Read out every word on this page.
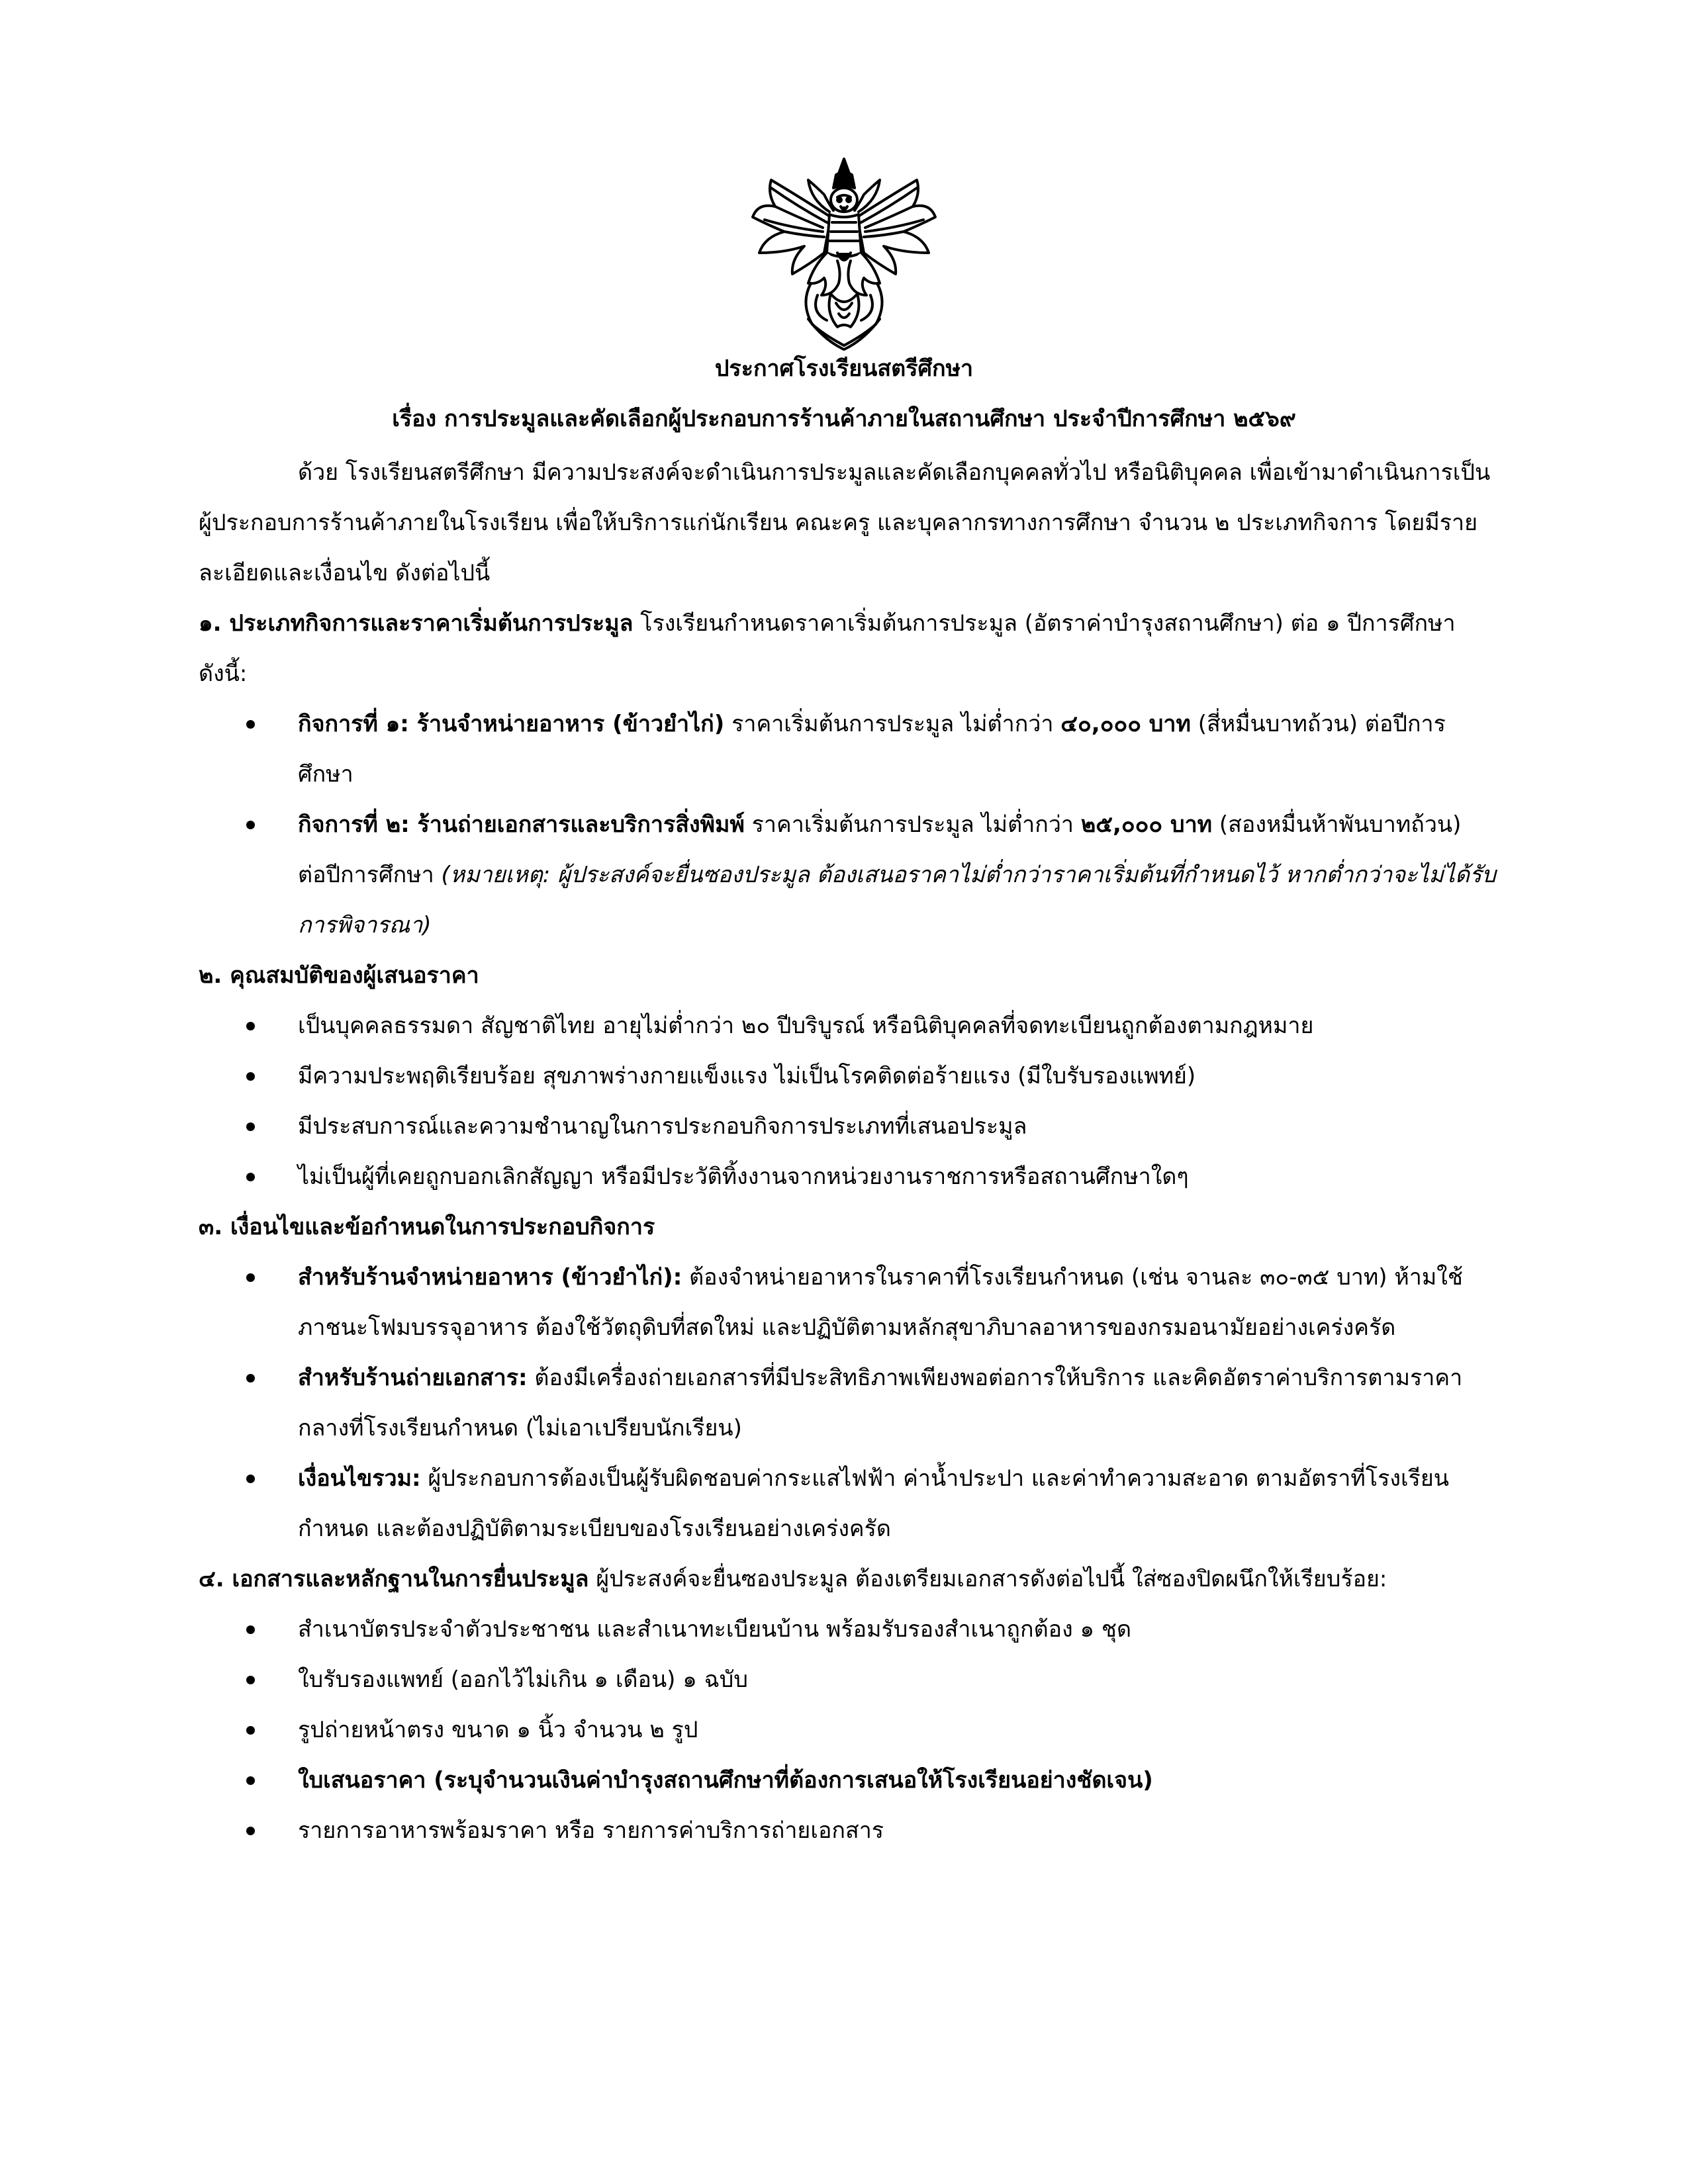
ประกาศโรงเรียนสตรีศึกษา
เรื่อง การประมูลและคัดเลือกผู้ประกอบการร้านค้าภายในสถานศึกษา ประจำปีการศึกษา ๒๕๖๙

ด้วย โรงเรียนสตรีศึกษา มีความประสงค์จะดำเนินการประมูลและคัดเลือกบุคคลทั่วไป หรือนิติบุคคล เพื่อเข้ามาดำเนินการเป็นผู้ประกอบการร้านค้าภายในโรงเรียน เพื่อให้บริการแก่นักเรียน คณะครู และบุคลากรทางการศึกษา จำนวน ๒ ประเภทกิจการ โดยมีรายละเอียดและเงื่อนไข ดังต่อไปนี้

๑. ประเภทกิจการและราคาเริ่มต้นการประมูล โรงเรียนกำหนดราคาเริ่มต้นการประมูล (อัตราค่าบำรุงสถานศึกษา) ต่อ ๑ ปีการศึกษา ดังนี้:

กิจการที่ ๑: ร้านจำหน่ายอาหาร (ข้าวยำไก่) ราคาเริ่มต้นการประมูล ไม่ต่ำกว่า ๔๐,๐๐๐ บาท (สี่หมื่นบาทถ้วน) ต่อปีการศึกษา
กิจการที่ ๒: ร้านถ่ายเอกสารและบริการสิ่งพิมพ์ ราคาเริ่มต้นการประมูล ไม่ต่ำกว่า ๒๕,๐๐๐ บาท (สองหมื่นห้าพันบาทถ้วน) ต่อปีการศึกษา (หมายเหตุ: ผู้ประสงค์จะยื่นซองประมูล ต้องเสนอราคาไม่ต่ำกว่าราคาเริ่มต้นที่กำหนดไว้ หากต่ำกว่าจะไม่ได้รับการพิจารณา)

๒. คุณสมบัติของผู้เสนอราคา

เป็นบุคคลธรรมดา สัญชาติไทย อายุไม่ต่ำกว่า ๒๐ ปีบริบูรณ์ หรือนิติบุคคลที่จดทะเบียนถูกต้องตามกฎหมาย
มีความประพฤติเรียบร้อย สุขภาพร่างกายแข็งแรง ไม่เป็นโรคติดต่อร้ายแรง (มีใบรับรองแพทย์)
มีประสบการณ์และความชำนาญในการประกอบกิจการประเภทที่เสนอประมูล
ไม่เป็นผู้ที่เคยถูกบอกเลิกสัญญา หรือมีประวัติทิ้งงานจากหน่วยงานราชการหรือสถานศึกษาใดๆ

๓. เงื่อนไขและข้อกำหนดในการประกอบกิจการ

สำหรับร้านจำหน่ายอาหาร (ข้าวยำไก่): ต้องจำหน่ายอาหารในราคาที่โรงเรียนกำหนด (เช่น จานละ ๓๐-๓๕ บาท) ห้ามใช้ภาชนะโฟมบรรจุอาหาร ต้องใช้วัตถุดิบที่สดใหม่ และปฏิบัติตามหลักสุขาภิบาลอาหารของกรมอนามัยอย่างเคร่งครัด
สำหรับร้านถ่ายเอกสาร: ต้องมีเครื่องถ่ายเอกสารที่มีประสิทธิภาพเพียงพอต่อการให้บริการ และคิดอัตราค่าบริการตามราคากลางที่โรงเรียนกำหนด (ไม่เอาเปรียบนักเรียน)
เงื่อนไขรวม: ผู้ประกอบการต้องเป็นผู้รับผิดชอบค่ากระแสไฟฟ้า ค่าน้ำประปา และค่าทำความสะอาด ตามอัตราที่โรงเรียนกำหนด และต้องปฏิบัติตามระเบียบของโรงเรียนอย่างเคร่งครัด

๔. เอกสารและหลักฐานในการยื่นประมูล ผู้ประสงค์จะยื่นซองประมูล ต้องเตรียมเอกสารดังต่อไปนี้ ใส่ซองปิดผนึกให้เรียบร้อย:

สำเนาบัตรประจำตัวประชาชน และสำเนาทะเบียนบ้าน พร้อมรับรองสำเนาถูกต้อง ๑ ชุด
ใบรับรองแพทย์ (ออกไว้ไม่เกิน ๑ เดือน) ๑ ฉบับ
รูปถ่ายหน้าตรง ขนาด ๑ นิ้ว จำนวน ๒ รูป
ใบเสนอราคา (ระบุจำนวนเงินค่าบำรุงสถานศึกษาที่ต้องการเสนอให้โรงเรียนอย่างชัดเจน)
รายการอาหารพร้อมราคา หรือ รายการค่าบริการถ่ายเอกสาร
